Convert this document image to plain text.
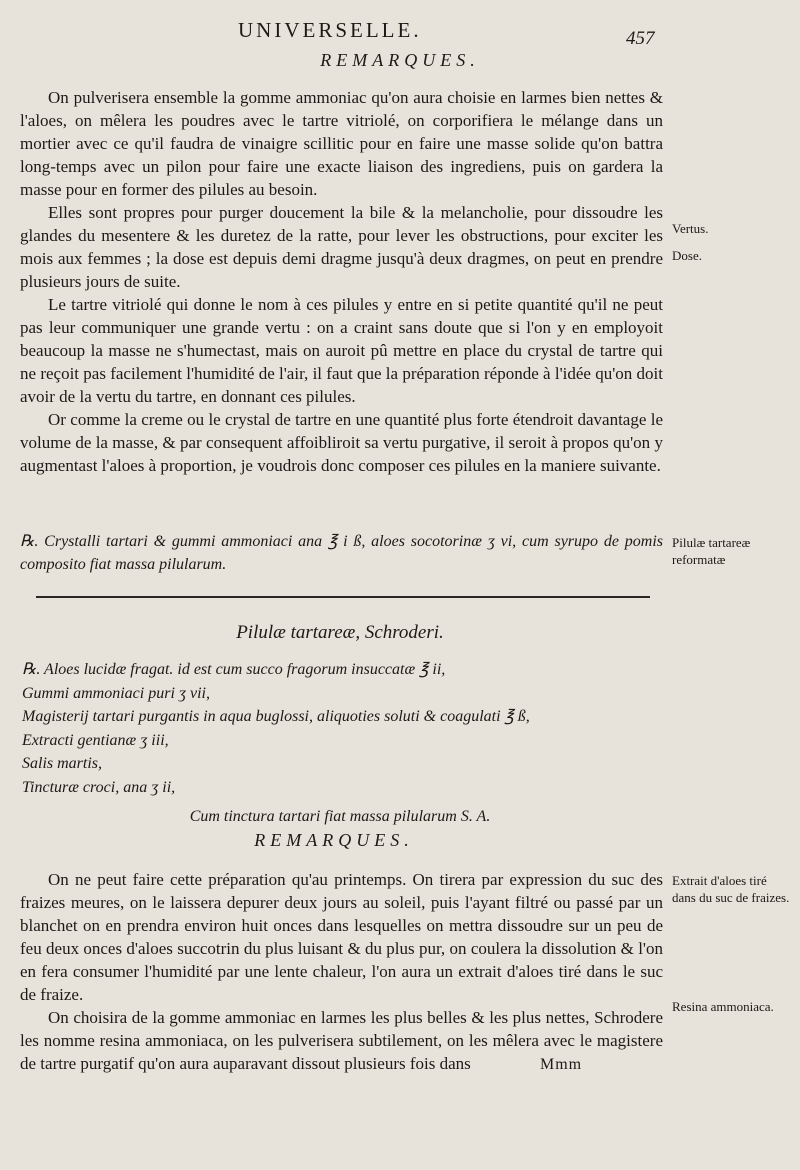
UNIVERSELLE.	457
REMARQUES.

On pulverisera ensemble la gomme ammoniac qu'on aura choisie en larmes bien nettes & l'aloes, on mêlera les poudres avec le tartre vitriolé, on corporifiera le mélange dans un mortier avec ce qu'il faudra de vinaigre scillitic pour en faire une masse solide qu'on battra long-temps avec un pilon pour faire une exacte liaison des ingrediens, puis on gardera la masse pour en former des pilules au besoin.

Elles sont propres pour purger doucement la bile & la melancholie, pour dissoudre les glandes du mesentere & les duretez de la ratte, pour lever les obstructions, pour exciter les mois aux femmes ; la dose est depuis demi dragme jusqu'à deux dragmes, on peut en prendre plusieurs jours de suite.

Le tartre vitriolé qui donne le nom à ces pilules y entre en si petite quantité qu'il ne peut pas leur communiquer une grande vertu : on a craint sans doute que si l'on y en employoit beaucoup la masse ne s'humectast, mais on auroit pû mettre en place du crystal de tartre qui ne reçoit pas facilement l'humidité de l'air, il faut que la préparation réponde à l'idée qu'on doit avoir de la vertu du tartre, en donnant ces pilules.

Or comme la creme ou le crystal de tartre en une quantité plus forte étendroit davantage le volume de la masse, & par consequent affoibliroit sa vertu purgative, il seroit à propos qu'on y augmentast l'aloes à proportion, je voudrois donc composer ces pilules en la maniere suivante.

℞. Crystalli tartari & gummi ammoniaci ana ℥ i ß, aloes socotorinæ ʒ vi, cum syrupo de pomis composito fiat massa pilularum.

Pilulæ tartareæ, Schroderi.

℞. Aloes lucidæ fragat. id est cum succo fragorum insuccatæ ℥ ii,

Gummi ammoniaci puri ʒ vii,

Magisterij tartari purgantis in aqua buglossi, aliquoties soluti & coagulati ℥ ß,

Extracti gentianæ ʒ iii,

Salis martis,

Tincturæ croci, ana ʒ ii,

Cum tinctura tartari fiat massa pilularum S. A.
REMARQUES.

On ne peut faire cette préparation qu'au printemps. On tirera par expression du suc des fraizes meures, on le laissera depurer deux jours au soleil, puis l'ayant filtré ou passé par un blanchet on en prendra environ huit onces dans lesquelles on mettra dissoudre sur un peu de feu deux onces d'aloes succotrin du plus luisant & du plus pur, on coulera la dissolution & l'on en fera consumer l'humidité par une lente chaleur, l'on aura un extrait d'aloes tiré dans le suc de fraize.

On choisira de la gomme ammoniac en larmes les plus belles & les plus nettes, Schrodere les nomme resina ammoniaca, on les pulverisera subtilement, on les mêlera avec le magistere de tartre purgatif qu'on aura auparavant dissout plusieurs fois dans	Mmm

Vertus.

Dose.

Pilulæ tartareæ reformatæ

Extrait d'aloes tiré dans du suc de fraizes.

Resina ammoniaca.
